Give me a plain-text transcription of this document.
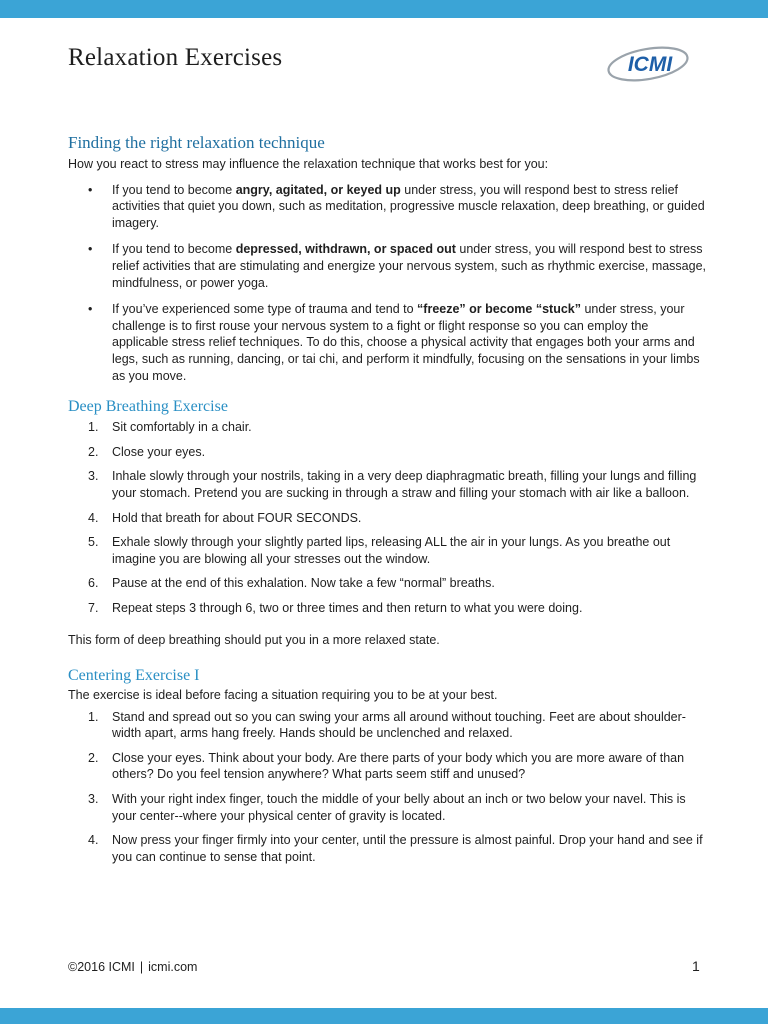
Relaxation Exercises	ICMI
Finding the right relaxation technique

How you react to stress may influence the relaxation technique that works best for you:

• If you tend to become angry, agitated, or keyed up under stress, you will respond best to stress relief activities that quiet you down, such as meditation, progressive muscle relaxation, deep breathing, or guided imagery.
• If you tend to become depressed, withdrawn, or spaced out under stress, you will respond best to stress relief activities that are stimulating and energize your nervous system, such as rhythmic exercise, massage, mindfulness, or power yoga.
• If you’ve experienced some type of trauma and tend to “freeze” or become “stuck” under stress, your challenge is to first rouse your nervous system to a fight or flight response so you can employ the applicable stress relief techniques. To do this, choose a physical activity that engages both your arms and legs, such as running, dancing, or tai chi, and perform it mindfully, focusing on the sensations in your limbs as you move.
Deep Breathing Exercise
1. Sit comfortably in a chair.
2. Close your eyes.
3. Inhale slowly through your nostrils, taking in a very deep diaphragmatic breath, filling your lungs and filling your stomach. Pretend you are sucking in through a straw and filling your stomach with air like a balloon.
4. Hold that breath for about FOUR SECONDS.
5. Exhale slowly through your slightly parted lips, releasing ALL the air in your lungs. As you breathe out imagine you are blowing all your stresses out the window.
6. Pause at the end of this exhalation. Now take a few “normal” breaths.
7. Repeat steps 3 through 6, two or three times and then return to what you were doing.

This form of deep breathing should put you in a more relaxed state.

Centering Exercise I

The exercise is ideal before facing a situation requiring you to be at your best.

1. Stand and spread out so you can swing your arms all around without touching. Feet are about shoulder-width apart, arms hang freely. Hands should be unclenched and relaxed.
2. Close your eyes. Think about your body. Are there parts of your body which you are more aware of than others? Do you feel tension anywhere? What parts seem stiff and unused?
3. With your right index finger, touch the middle of your belly about an inch or two below your navel. This is your center--where your physical center of gravity is located.
4. Now press your finger firmly into your center, until the pressure is almost painful. Drop your hand and see if you can continue to sense that point.
©2016 ICMI | icmi.com	1
